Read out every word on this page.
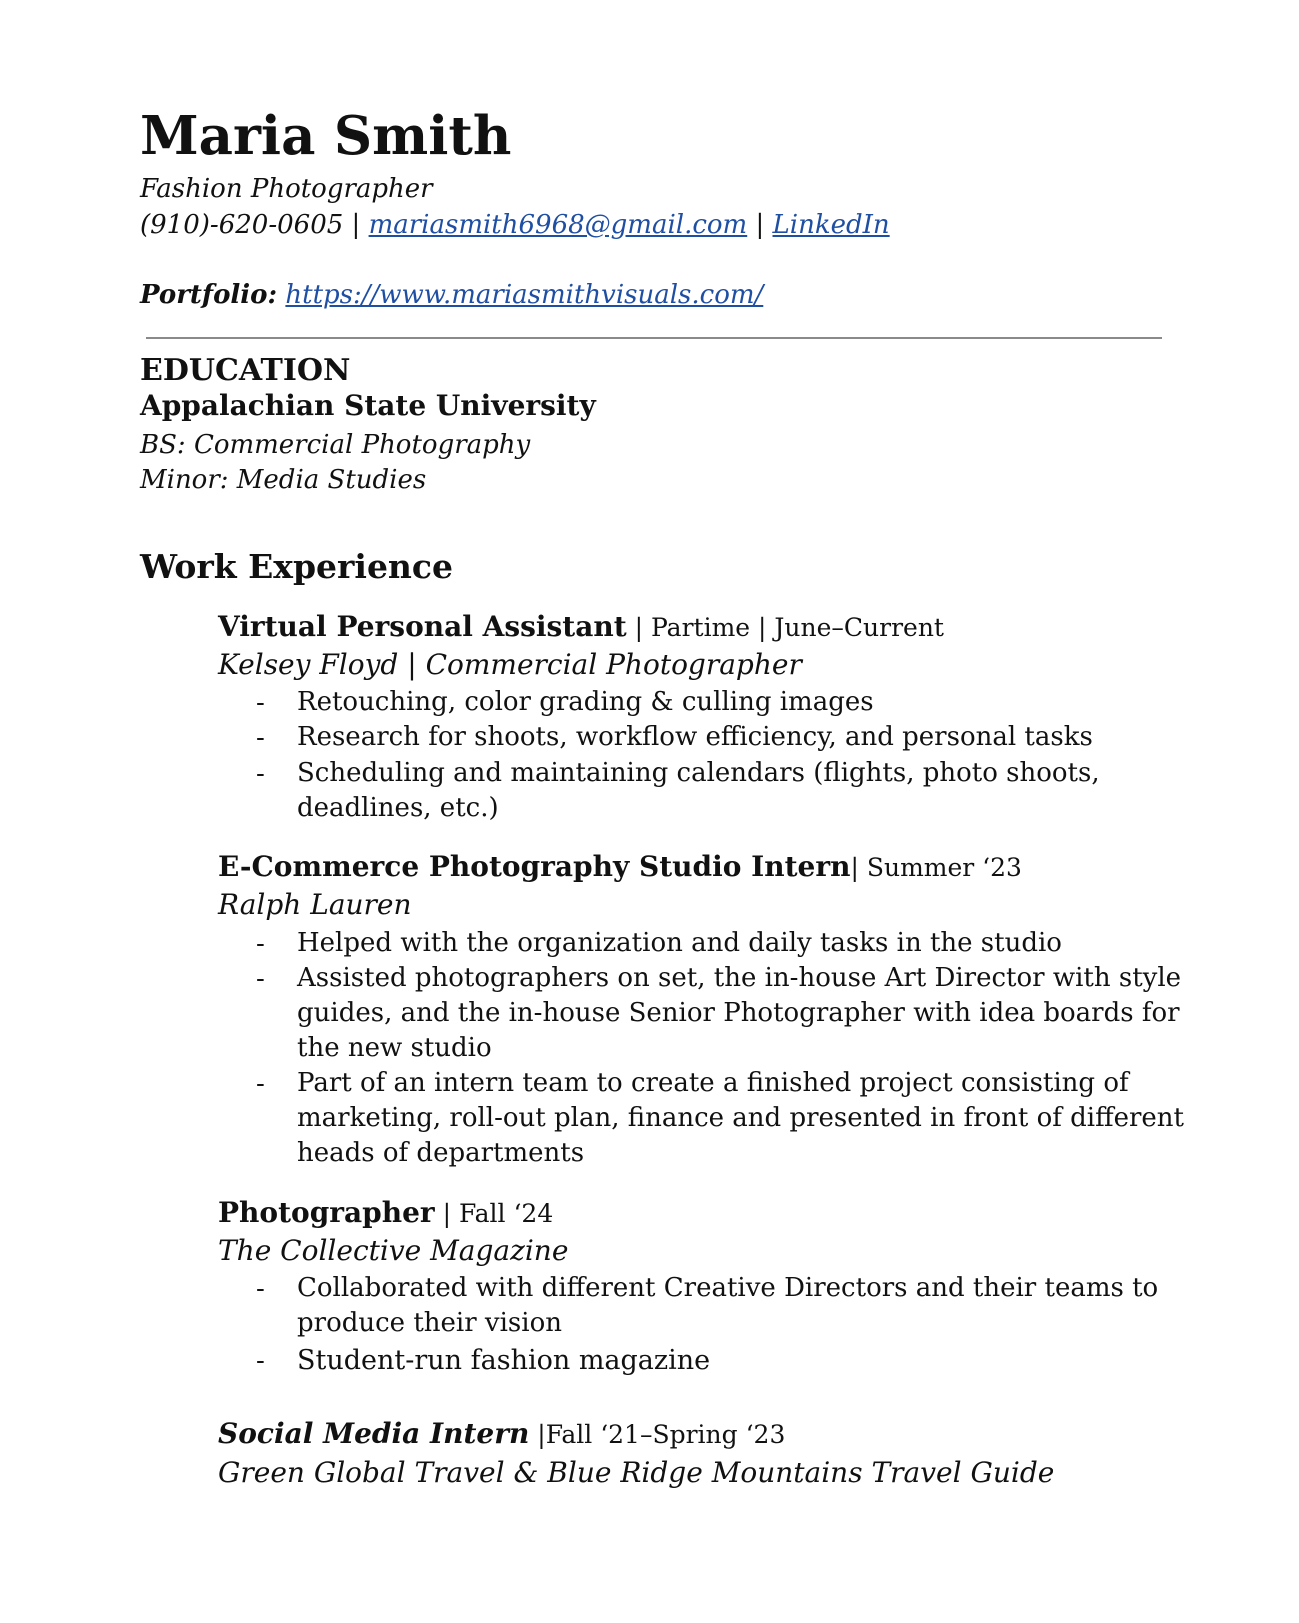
Maria Smith
Fashion Photographer
(910)-620-0605 | mariasmith6968@gmail.com | LinkedIn
Portfolio: https://www.mariasmithvisuals.com/
EDUCATION
Appalachian State University
BS: Commercial Photography
Minor: Media Studies
Work Experience
Virtual Personal Assistant | Partime | June–Current
Kelsey Floyd | Commercial Photographer
- Retouching, color grading & culling images
- Research for shoots, workflow efficiency, and personal tasks
- Scheduling and maintaining calendars (flights, photo shoots,
deadlines, etc.)
E-Commerce Photography Studio Intern| Summer ‘23
Ralph Lauren
- Helped with the organization and daily tasks in the studio
- Assisted photographers on set, the in-house Art Director with style
guides, and the in-house Senior Photographer with idea boards for
the new studio
- Part of an intern team to create a finished project consisting of
marketing, roll-out plan, finance and presented in front of different
heads of departments
Photographer | Fall ‘24
The Collective Magazine
- Collaborated with different Creative Directors and their teams to
produce their vision
- Student-run fashion magazine
Social Media Intern |Fall ‘21–Spring ‘23
Green Global Travel & Blue Ridge Mountains Travel Guide
